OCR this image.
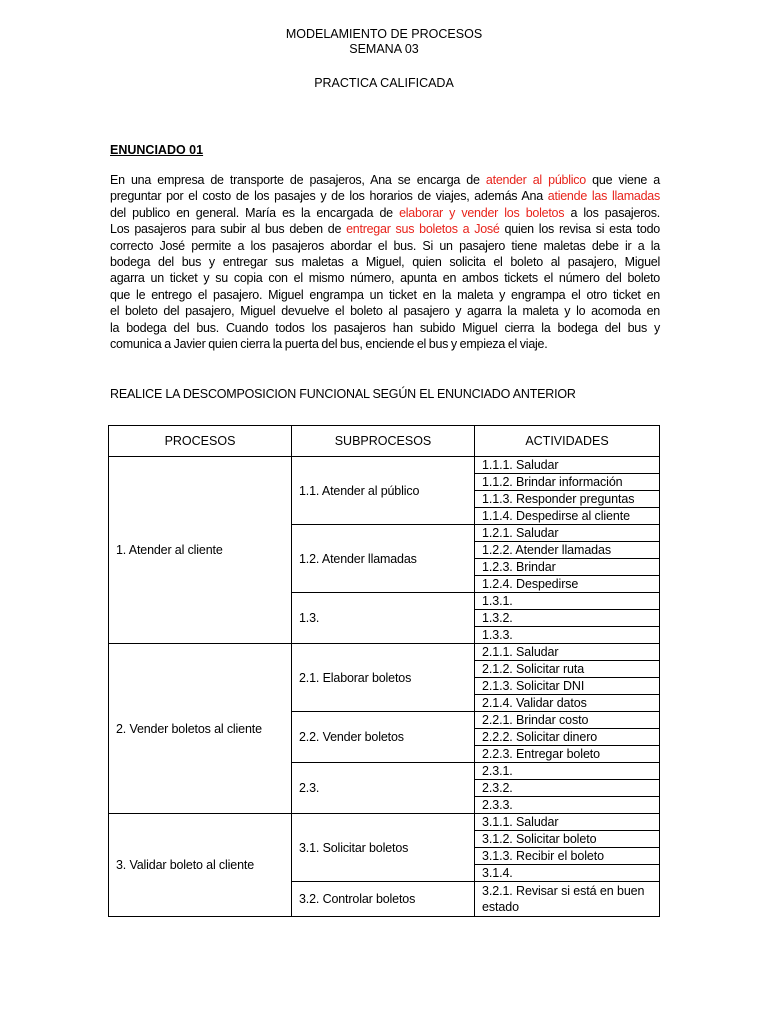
MODELAMIENTO DE PROCESOS
SEMANA 03
PRACTICA CALIFICADA
ENUNCIADO 01
En una empresa de transporte de pasajeros, Ana se encarga de atender al público que viene a
preguntar por el costo de los pasajes y de los horarios de viajes, además Ana atiende las llamadas
del publico en general. María es la encargada de elaborar y vender los boletos a los pasajeros.
Los pasajeros para subir al bus deben de entregar sus boletos a José quien los revisa si esta todo
correcto José permite a los pasajeros abordar el bus. Si un pasajero tiene maletas debe ir a la
bodega del bus y entregar sus maletas a Miguel, quien solicita el boleto al pasajero, Miguel
agarra un ticket y su copia con el mismo número, apunta en ambos tickets el número del boleto
que le entrego el pasajero. Miguel engrampa un ticket en la maleta y engrampa el otro ticket en
el boleto del pasajero, Miguel devuelve el boleto al pasajero y agarra la maleta y lo acomoda en
la bodega del bus. Cuando todos los pasajeros han subido Miguel cierra la bodega del bus y
comunica a Javier quien cierra la puerta del bus, enciende el bus y empieza el viaje.
REALICE LA DESCOMPOSICION FUNCIONAL SEGÚN EL ENUNCIADO ANTERIOR
PROCESOS	SUBPROCESOS	ACTIVIDADES
1. Atender al cliente	1.1. Atender al público	1.1.1. Saludar
		1.1.2. Brindar información
		1.1.3. Responder preguntas
		1.1.4. Despedirse al cliente
	1.2. Atender llamadas	1.2.1. Saludar
		1.2.2. Atender llamadas
		1.2.3. Brindar
		1.2.4. Despedirse
	1.3.	1.3.1.
		1.3.2.
		1.3.3.
2. Vender boletos al cliente	2.1. Elaborar boletos	2.1.1. Saludar
		2.1.2. Solicitar ruta
		2.1.3. Solicitar DNI
		2.1.4. Validar datos
	2.2. Vender boletos	2.2.1. Brindar costo
		2.2.2. Solicitar dinero
		2.2.3. Entregar boleto
	2.3.	2.3.1.
		2.3.2.
		2.3.3.
3. Validar boleto al cliente	3.1. Solicitar boletos	3.1.1. Saludar
		3.1.2. Solicitar boleto
		3.1.3. Recibir el boleto
		3.1.4.
	3.2. Controlar boletos	3.2.1. Revisar si está en buen estado
